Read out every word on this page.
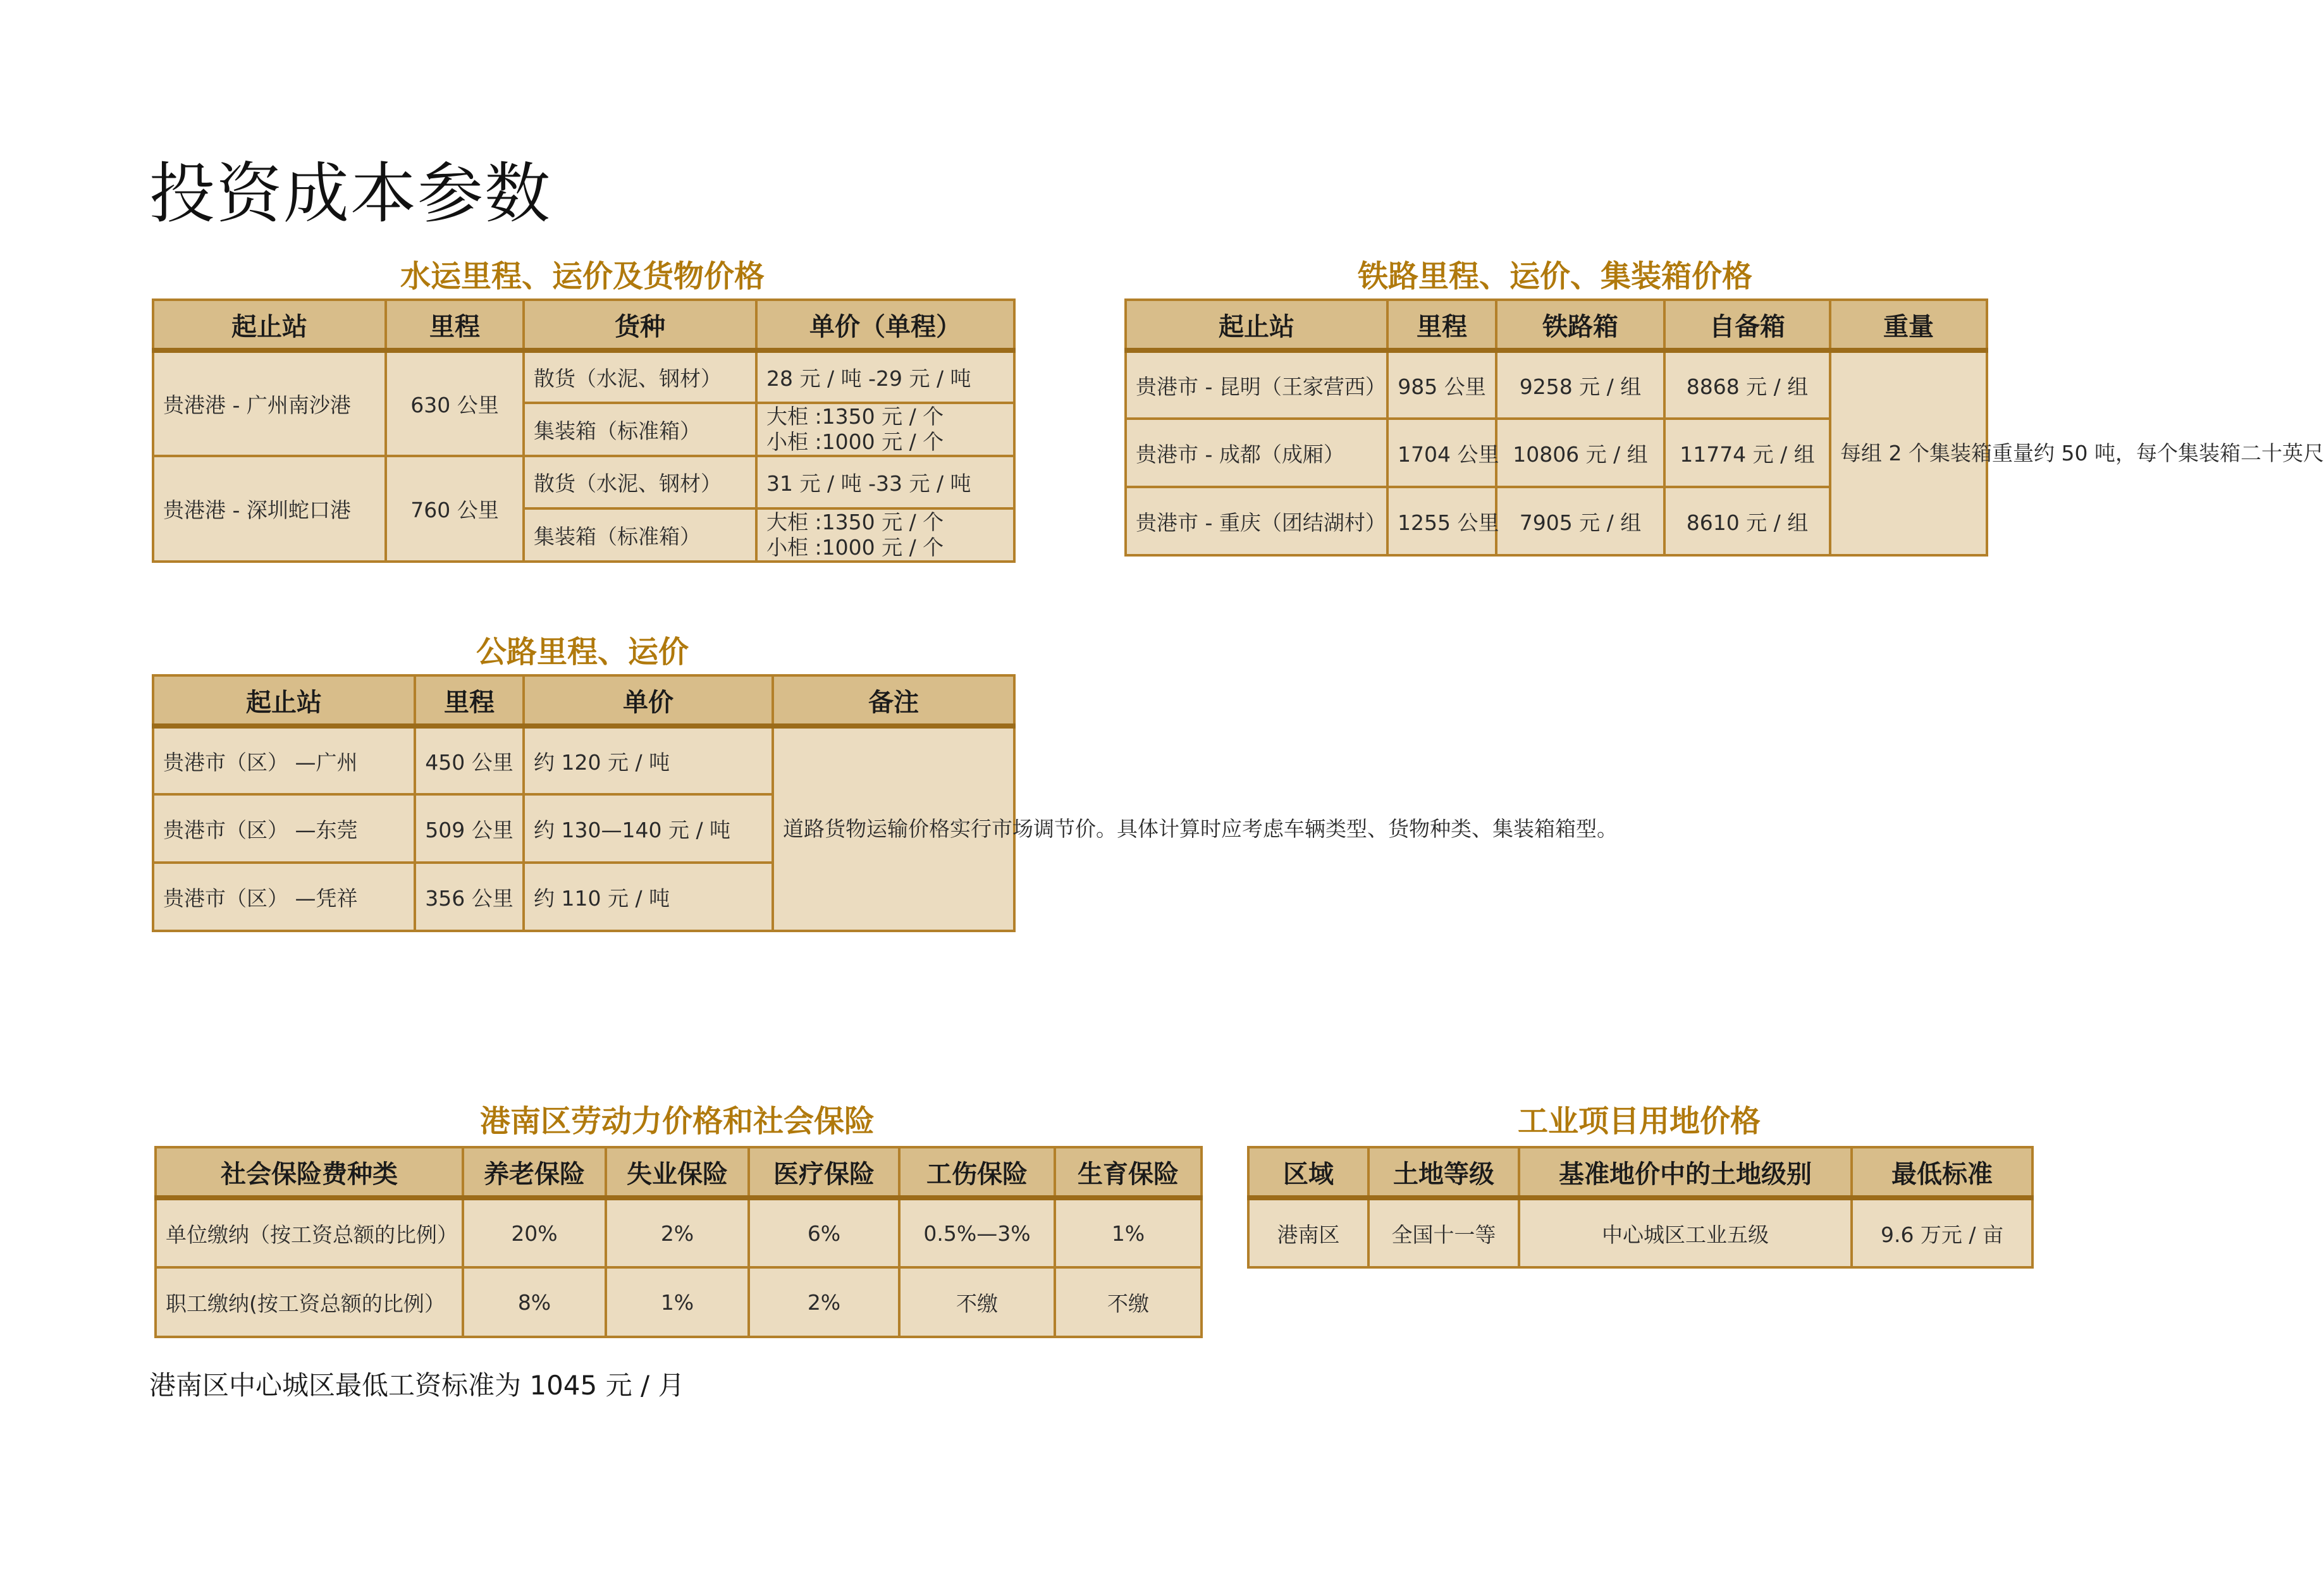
投资成本参数
水运里程、运价及货物价格
起止站	里程	货种	单价（单程）
贵港港 - 广州南沙港	630 公里	散货（水泥、钢材）	28 元 / 吨 -29 元 / 吨
		集装箱（标准箱）	大柜 :1350 元 / 个
小柜 :1000 元 / 个

贵港港 - 深圳蛇口港	760 公里	散货（水泥、钢材）	31 元 / 吨 -33 元 / 吨
		集装箱（标准箱）	大柜 :1350 元 / 个
小柜 :1000 元 / 个
铁路里程、运价、集装箱价格
起止站	里程	铁路箱	自备箱	重量
贵港市 - 昆明（王家营西）	985 公里	9258 元 / 组	8868 元 / 组	每组 2 个集装箱重量约 50 吨，每个集装箱二十英尺
贵港市 - 成都（成厢）	1704 公里	10806 元 / 组	11774 元 / 组	
贵港市 - 重庆（团结湖村）	1255 公里	7905 元 / 组	8610 元 / 组	
公路里程、运价
起止站	里程	单价	备注
贵港市（区） —广州	450 公里	约 120 元 / 吨	道路货物运输价格实行市场调节价。具体计算时应考虑车辆类型、货物种类、集装箱箱型。
贵港市（区） —东莞	509 公里	约 130—140 元 / 吨	
贵港市（区） —凭祥	356 公里	约 110 元 / 吨	
港南区劳动力价格和社会保险
社会保险费种类	养老保险	失业保险	医疗保险	工伤保险	生育保险
单位缴纳（按工资总额的比例）	20%	2%	6%	0.5%—3%	1%
职工缴纳(按工资总额的比例）	8%	1%	2%	不缴	不缴
港南区中心城区最低工资标准为 1045 元 / 月
工业项目用地价格
区域	土地等级	基准地价中的土地级别	最低标准
港南区	全国十一等	中心城区工业五级	9.6 万元 / 亩
